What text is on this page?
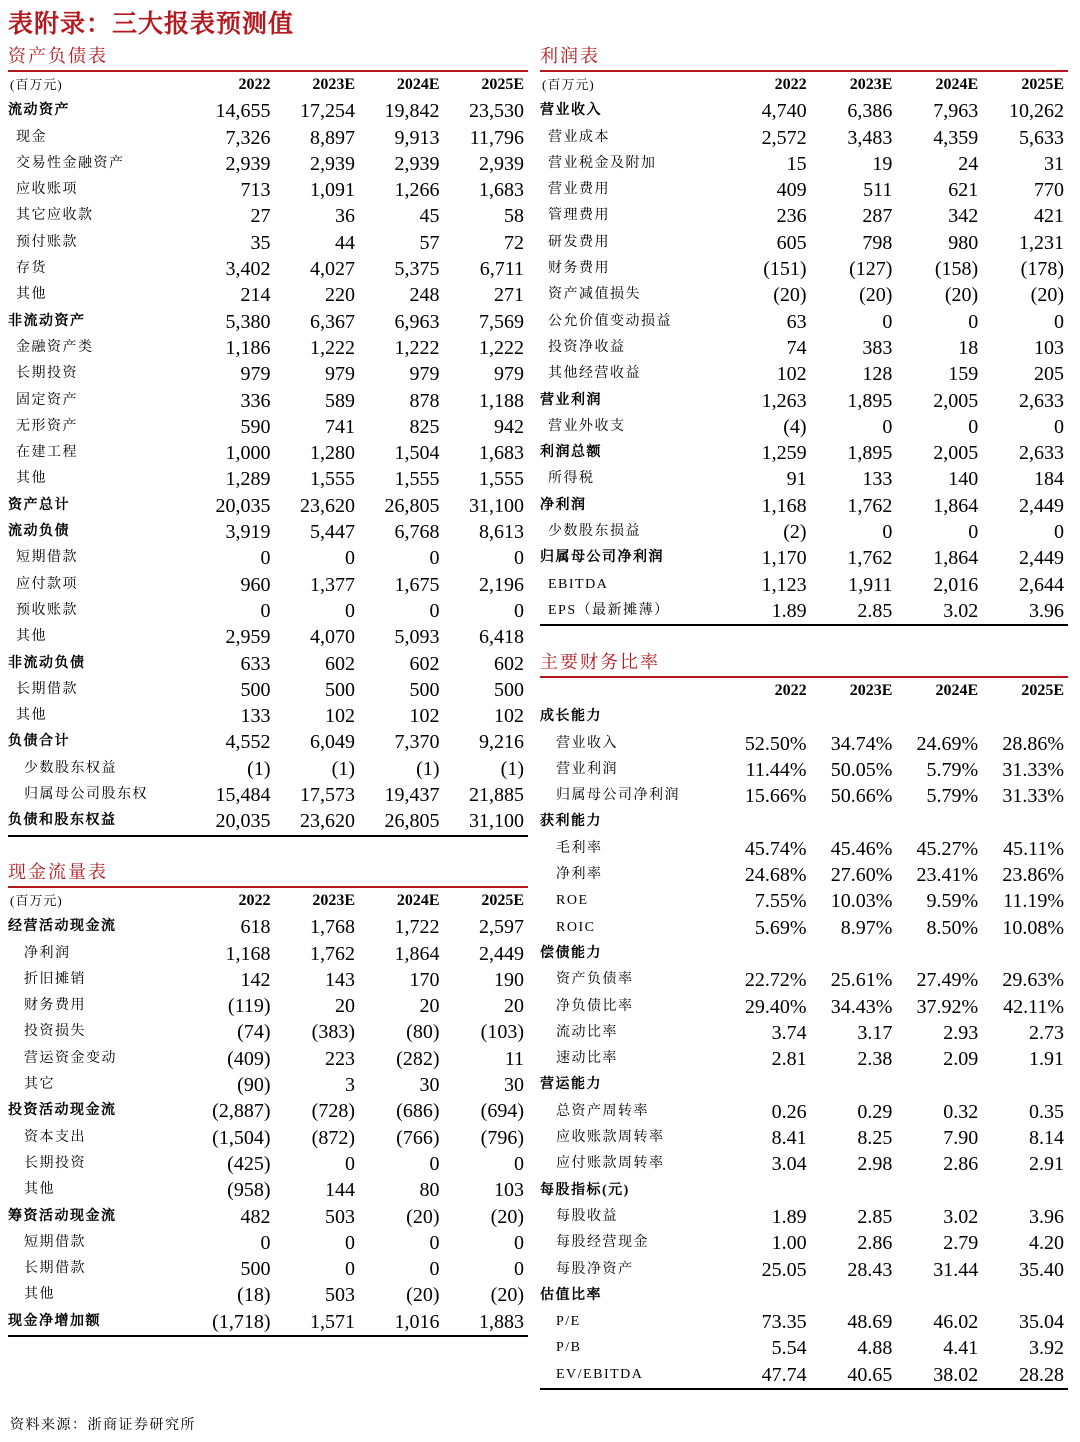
表附录：三大报表预测值
资产负债表
(百万元)	2022	2023E	2024E	2025E
流动资产	14,655	17,254	19,842	23,530
现金	7,326	8,897	9,913	11,796
交易性金融资产	2,939	2,939	2,939	2,939
应收账项	713	1,091	1,266	1,683
其它应收款	27	36	45	58
预付账款	35	44	57	72
存货	3,402	4,027	5,375	6,711
其他	214	220	248	271
非流动资产	5,380	6,367	6,963	7,569
金融资产类	1,186	1,222	1,222	1,222
长期投资	979	979	979	979
固定资产	336	589	878	1,188
无形资产	590	741	825	942
在建工程	1,000	1,280	1,504	1,683
其他	1,289	1,555	1,555	1,555
资产总计	20,035	23,620	26,805	31,100
流动负债	3,919	5,447	6,768	8,613
短期借款	0	0	0	0
应付款项	960	1,377	1,675	2,196
预收账款	0	0	0	0
其他	2,959	4,070	5,093	6,418
非流动负债	633	602	602	602
长期借款	500	500	500	500
其他	133	102	102	102
负债合计	4,552	6,049	7,370	9,216
少数股东权益	(1)	(1)	(1)	(1)
归属母公司股东权	15,484	17,573	19,437	21,885
负债和股东权益	20,035	23,620	26,805	31,100
现金流量表
(百万元)	2022	2023E	2024E	2025E
经营活动现金流	618	1,768	1,722	2,597
净利润	1,168	1,762	1,864	2,449
折旧摊销	142	143	170	190
财务费用	(119)	20	20	20
投资损失	(74)	(383)	(80)	(103)
营运资金变动	(409)	223	(282)	11
其它	(90)	3	30	30
投资活动现金流	(2,887)	(728)	(686)	(694)
资本支出	(1,504)	(872)	(766)	(796)
长期投资	(425)	0	0	0
其他	(958)	144	80	103
筹资活动现金流	482	503	(20)	(20)
短期借款	0	0	0	0
长期借款	500	0	0	0
其他	(18)	503	(20)	(20)
现金净增加额	(1,718)	1,571	1,016	1,883
利润表
(百万元)	2022	2023E	2024E	2025E
营业收入	4,740	6,386	7,963	10,262
营业成本	2,572	3,483	4,359	5,633
营业税金及附加	15	19	24	31
营业费用	409	511	621	770
管理费用	236	287	342	421
研发费用	605	798	980	1,231
财务费用	(151)	(127)	(158)	(178)
资产减值损失	(20)	(20)	(20)	(20)
公允价值变动损益	63	0	0	0
投资净收益	74	383	18	103
其他经营收益	102	128	159	205
营业利润	1,263	1,895	2,005	2,633
营业外收支	(4)	0	0	0
利润总额	1,259	1,895	2,005	2,633
所得税	91	133	140	184
净利润	1,168	1,762	1,864	2,449
少数股东损益	(2)	0	0	0
归属母公司净利润	1,170	1,762	1,864	2,449
EBITDA	1,123	1,911	2,016	2,644
EPS（最新摊薄）	1.89	2.85	3.02	3.96
主要财务比率
	2022	2023E	2024E	2025E
成长能力				
营业收入	52.50%	34.74%	24.69%	28.86%
营业利润	11.44%	50.05%	5.79%	31.33%
归属母公司净利润	15.66%	50.66%	5.79%	31.33%
获利能力				
毛利率	45.74%	45.46%	45.27%	45.11%
净利率	24.68%	27.60%	23.41%	23.86%
ROE	7.55%	10.03%	9.59%	11.19%
ROIC	5.69%	8.97%	8.50%	10.08%
偿债能力				
资产负债率	22.72%	25.61%	27.49%	29.63%
净负债比率	29.40%	34.43%	37.92%	42.11%
流动比率	3.74	3.17	2.93	2.73
速动比率	2.81	2.38	2.09	1.91
营运能力				
总资产周转率	0.26	0.29	0.32	0.35
应收账款周转率	8.41	8.25	7.90	8.14
应付账款周转率	3.04	2.98	2.86	2.91
每股指标(元)				
每股收益	1.89	2.85	3.02	3.96
每股经营现金	1.00	2.86	2.79	4.20
每股净资产	25.05	28.43	31.44	35.40
估值比率				
P/E	73.35	48.69	46.02	35.04
P/B	5.54	4.88	4.41	3.92
EV/EBITDA	47.74	40.65	38.02	28.28
资料来源：浙商证券研究所
